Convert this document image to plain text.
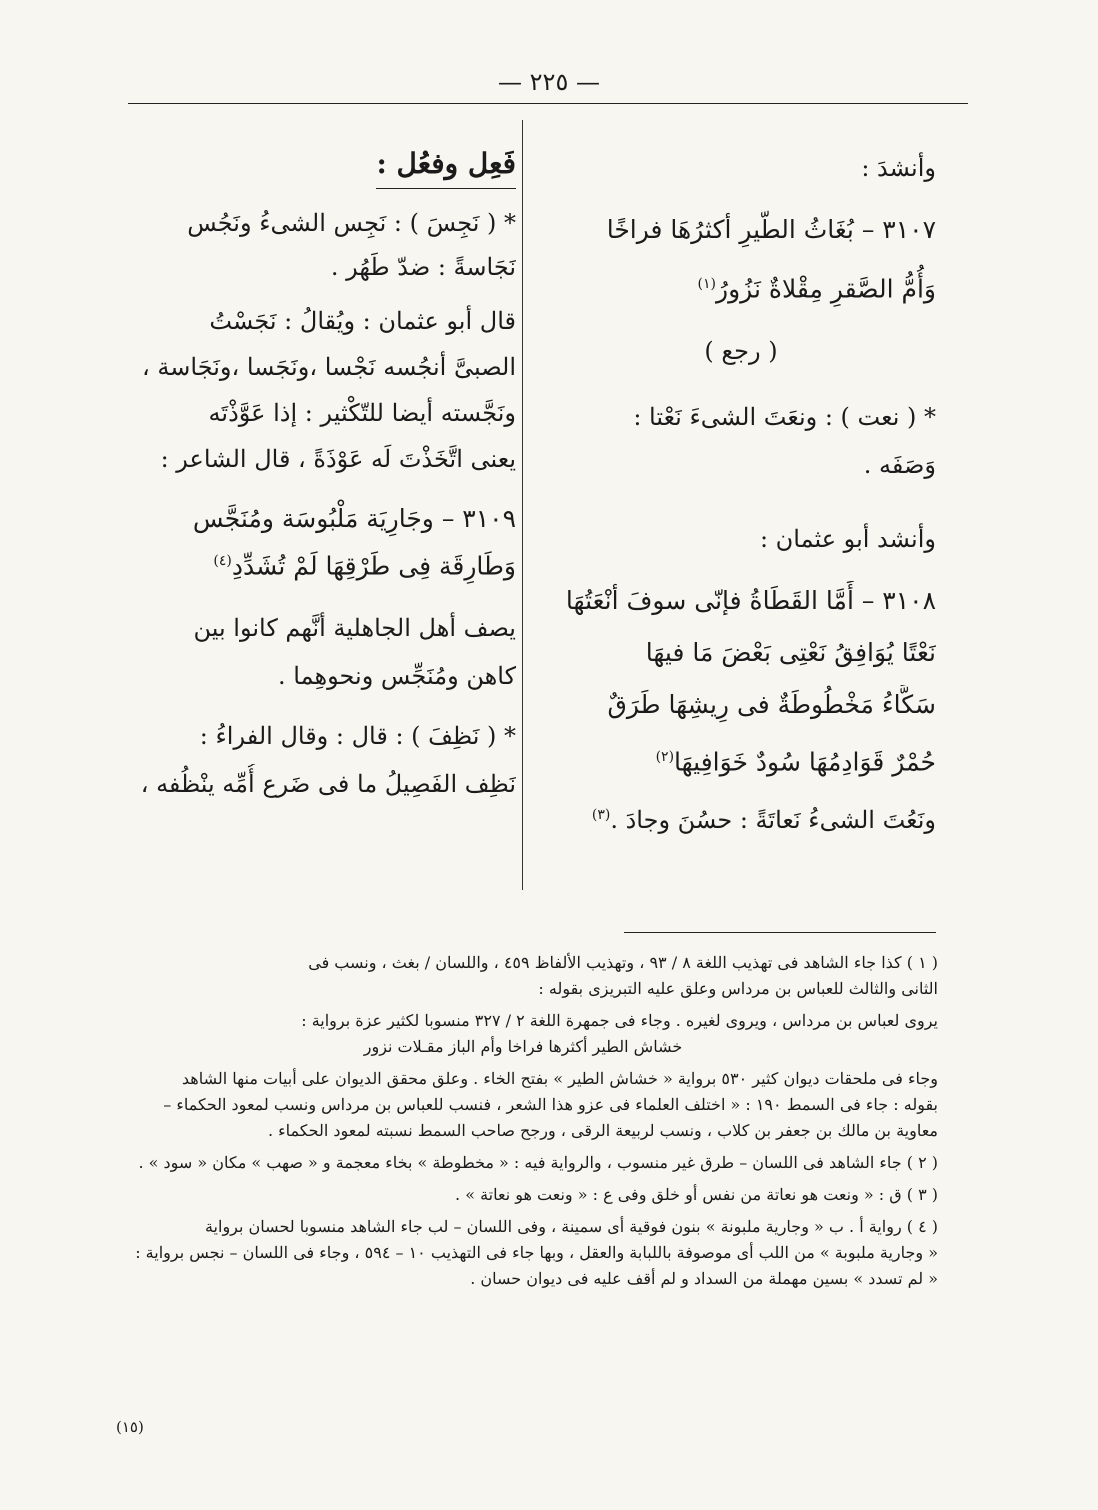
— ٢٢٥ —

وأنشدَ :

٣١٠٧ – بُغَاثُ الطَّيرِ أكثرُهَا فراخًا

وَأُمُّ الصَّقرِ مِقْلاةٌ نَزُورُ$^{(١)}$

( رجع )

* ( نعت ) : ونعَتَ الشىءَ نَعْتا :

وَصَفَه .

وأنشد أبو عثمان :

٣١٠٨ – أَمَّا القَطَاةُ فإنّى سوفَ أنْعَتُهَا

نَعْتًا يُوَافِقُ نَعْتِى بَعْضَ مَا فيهَا

سَكَّاءُ مَخْطُوطَةٌ فى رِيشِهَا طَرَقٌ

حُمْرٌ قَوَادِمُهَا سُودٌ خَوَافِيهَا$^{(٢)}$

ونَعُتَ الشىءُ نَعاتَةً : حسُنَ وجادَ .$^{(٣)}$

فَعِل وفعُل :

* ( نَجِسَ ) : نَجِس الشىءُ ونَجُس

نَجَاسةً : ضدّ طَهُر .

قال أبو عثمان : ويُقالُ : نَجَسْتُ

الصبىَّ أنجُسه نَجْسا ،ونَجَسا ،ونَجَاسة ،

ونَجَّسته أيضا للتّكْثير : إذا عَوَّذْتَه

يعنى اتَّخَذْتَ لَه عَوْذَةً ، قال الشاعر :

٣١٠٩ – وجَارِيَة مَلْبُوسَة ومُنَجَّس

وَطَارِقَة فِى طَرْقِهَا لَمْ تُشَدِّدِ$^{(٤)}$

يصف أهل الجاهلية أنَّهم كانوا بين

كاهن ومُنَجِّس ونحوهِما .

* ( نَظِفَ ) : قال : وقال الفراءُ :

نَظِف الفَصِيلُ ما فى ضَرع أُمِّه ينْظُفه ،

( ١ ) كذا جاء الشاهد فى تهذيب اللغة ٨ / ٩٣ ، وتهذيب الألفاظ ٤٥٩ ، واللسان / بغث ، ونسب فى

الثانى والثالث للعباس بن مرداس وعلق عليه التبريزى بقوله :

يروى لعباس بن مرداس ، ويروى لغيره . وجاء فى جمهرة اللغة ٢ / ٣٢٧ منسوبا لكثير عزة برواية :

خشاش الطير أكثرها فراخا وأم الباز مقـلات نزور

وجاء فى ملحقات ديوان كثير ٥٣٠ برواية « خشاش الطير » بفتح الخاء . وعلق محقق الديوان على أبيات منها الشاهد

بقوله : جاء فى السمط ١٩٠ : « اختلف العلماء فى عزو هذا الشعر ، فنسب للعباس بن مرداس ونسب لمعود الحكماء –

معاوية بن مالك بن جعفر بن كلاب ، ونسب لربيعة الرقى ، ورجح صاحب السمط نسبته لمعود الحكماء .

( ٢ ) جاء الشاهد فى اللسان – طرق غير منسوب ، والرواية فيه : « مخطوطة » بخاء معجمة و « صهب » مكان « سود » .

( ٣ ) ق : « ونعت هو نعاتة من نفس أو خلق وفى ع : « ونعت هو نعاتة » .

( ٤ ) رواية أ . ب « وجارية ملبونة » بنون فوقية أى سمينة ، وفى اللسان – لب جاء الشاهد منسوبا لحسان برواية

« وجارية ملبوبة » من اللب أى موصوفة باللبابة والعقل ، وبها جاء فى التهذيب ١٠ – ٥٩٤ ، وجاء فى اللسان – نجس برواية :

« لم تسدد » بسين مهملة من السداد و لم أقف عليه فى ديوان حسان .

(١٥)
